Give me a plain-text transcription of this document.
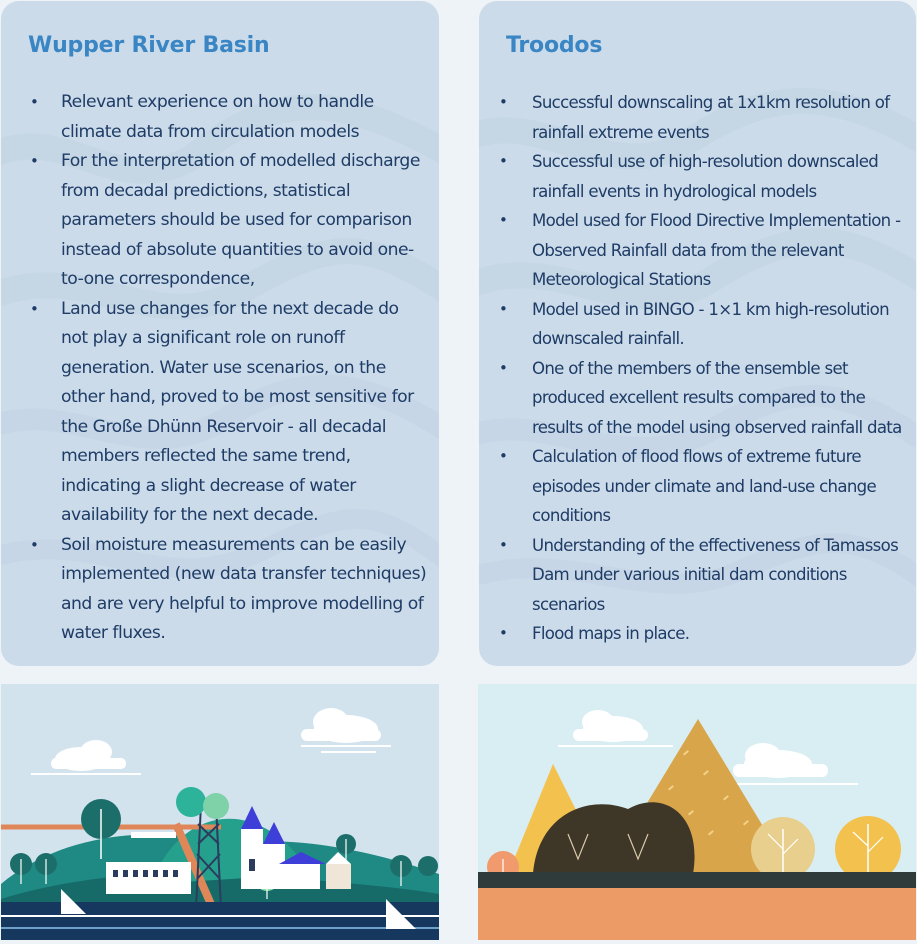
Wupper River Basin
• Relevant experience on how to handle climate data from circulation models
• For the interpretation of modelled discharge from decadal predictions, statistical parameters should be used for comparison instead of absolute quantities to avoid one-to-one correspondence,
• Land use changes for the next decade do not play a significant role on runoff generation. Water use scenarios, on the other hand, proved to be most sensitive for the Große Dhünn Reservoir - all decadal members reflected the same trend, indicating a slight decrease of water availability for the next decade.
• Soil moisture measurements can be easily implemented (new data transfer techniques) and are very helpful to improve modelling of water fluxes.
Troodos
• Successful downscaling at 1x1km resolution of rainfall extreme events
• Successful use of high-resolution downscaled rainfall events in hydrological models
• Model used for Flood Directive Implementation - Observed Rainfall data from the relevant Meteorological Stations
• Model used in BINGO - 1×1 km high-resolution downscaled rainfall.
• One of the members of the ensemble set produced excellent results compared to the results of the model using observed rainfall data
• Calculation of flood flows of extreme future episodes under climate and land-use change conditions
• Understanding of the effectiveness of Tamassos Dam under various initial dam conditions scenarios
• Flood maps in place.
